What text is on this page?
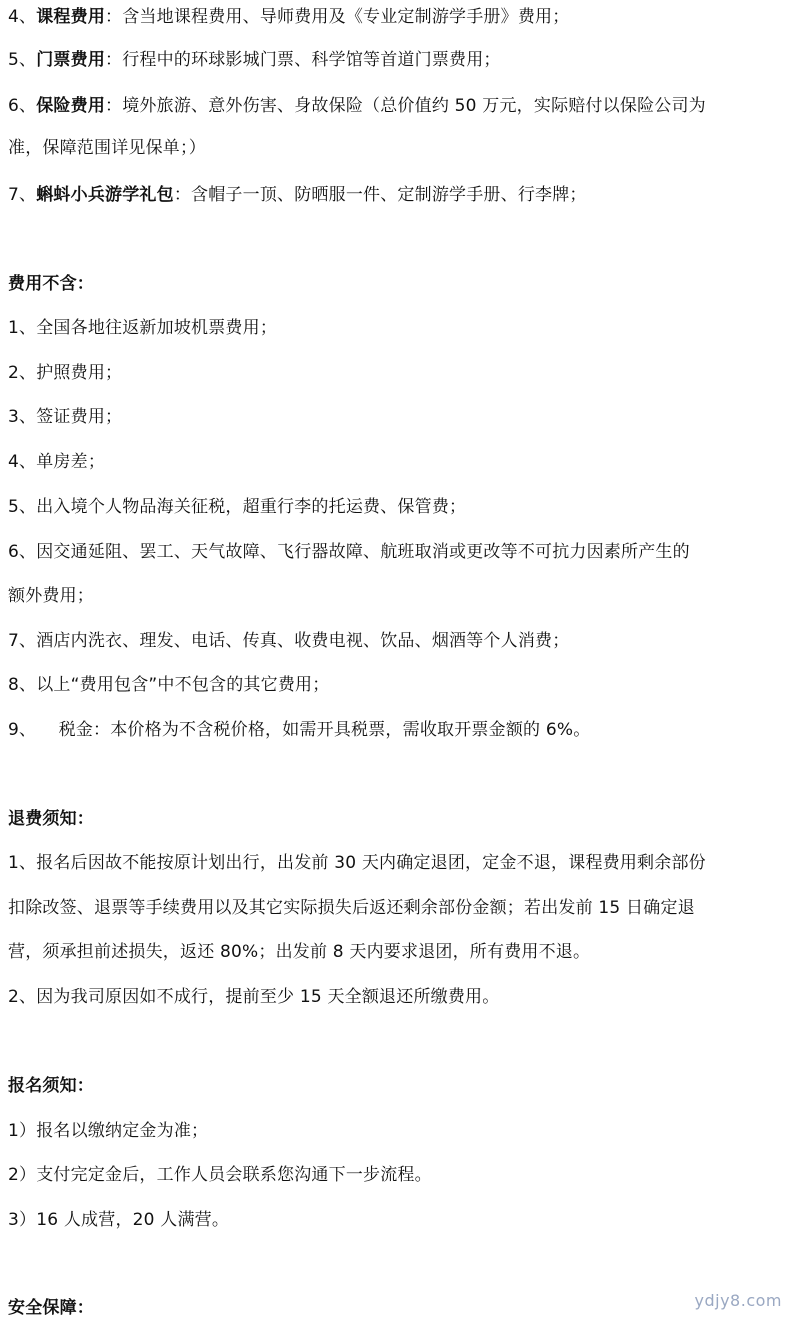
4、课程费用：含当地课程费用、导师费用及《专业定制游学手册》费用；
5、门票费用：行程中的环球影城门票、科学馆等首道门票费用；
6、保险费用：境外旅游、意外伤害、身故保险（总价值约 50 万元，实际赔付以保险公司为
准，保障范围详见保单；）
7、蝌蚪小兵游学礼包：含帽子一顶、防晒服一件、定制游学手册、行李牌；
费用不含：
1、全国各地往返新加坡机票费用；
2、护照费用；
3、签证费用；
4、单房差；
5、出入境个人物品海关征税，超重行李的托运费、保管费；
6、因交通延阻、罢工、天气故障、飞行器故障、航班取消或更改等不可抗力因素所产生的
额外费用；
7、酒店内洗衣、理发、电话、传真、收费电视、饮品、烟酒等个人消费；
8、以上“费用包含”中不包含的其它费用；
9、    税金：本价格为不含税价格，如需开具税票，需收取开票金额的 6%。
退费须知：
1、报名后因故不能按原计划出行，出发前 30 天内确定退团，定金不退，课程费用剩余部份
扣除改签、退票等手续费用以及其它实际损失后返还剩余部份金额；若出发前 15 日确定退
营，须承担前述损失，返还 80%；出发前 8 天内要求退团，所有费用不退。
2、因为我司原因如不成行，提前至少 15 天全额退还所缴费用。
报名须知：
1）报名以缴纳定金为准；
2）支付完定金后，工作人员会联系您沟通下一步流程。
3）16 人成营，20 人满营。
安全保障：	ydjy8.com
